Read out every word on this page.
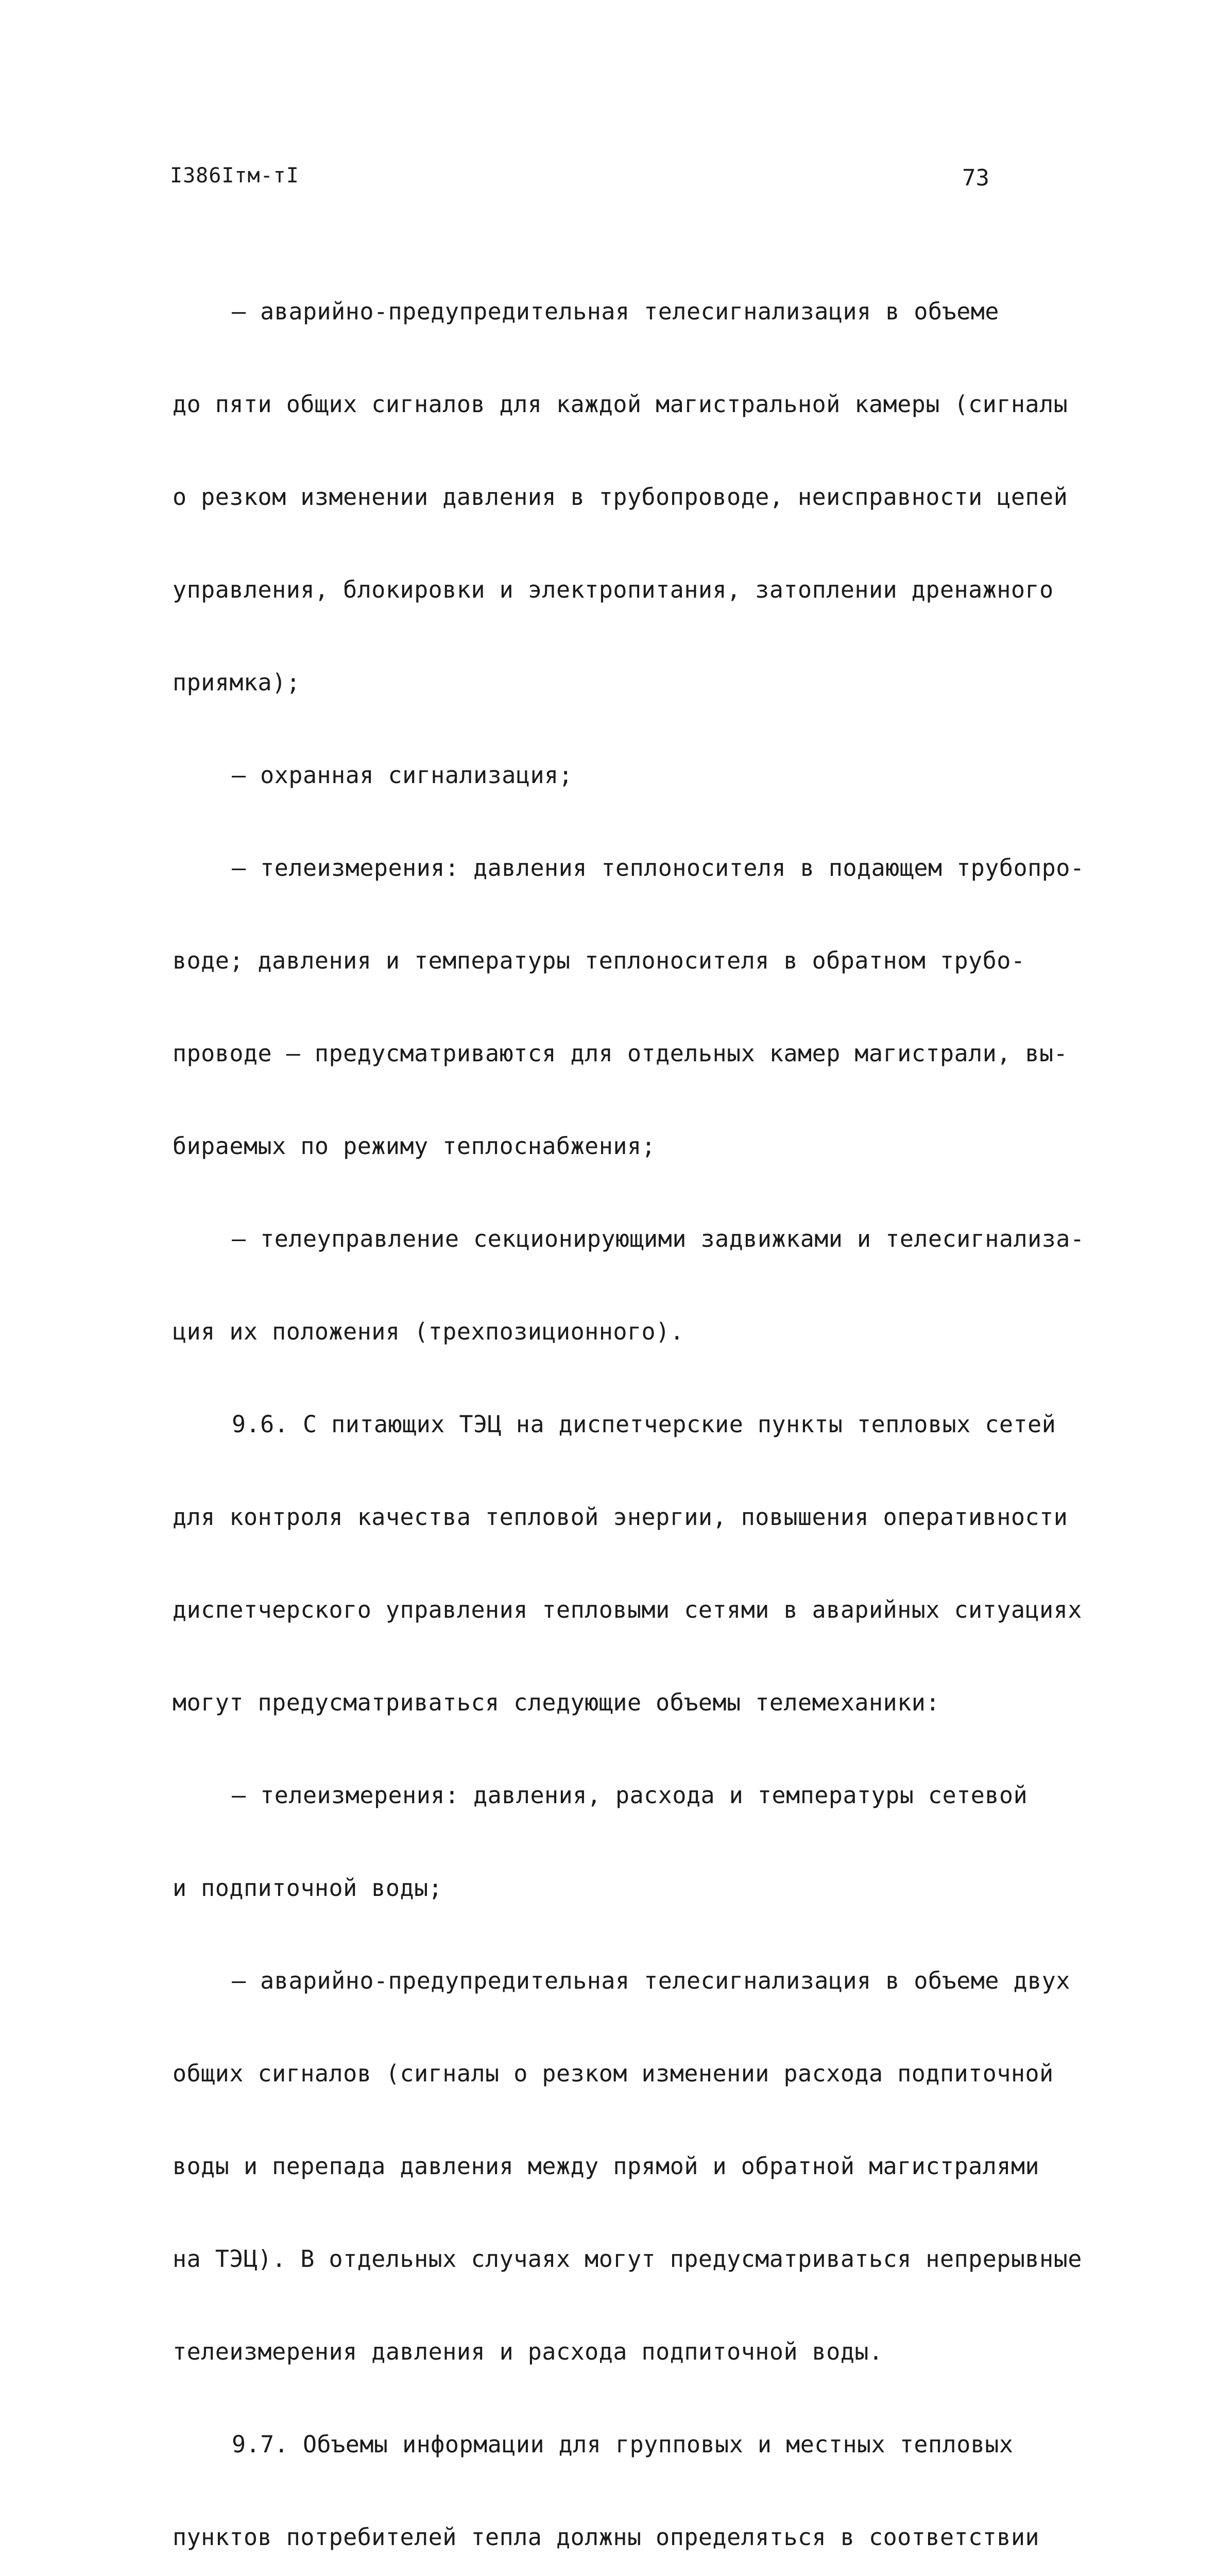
I386Iтм-тI	73

– аварийно-предупредительная телесигнализация в объеме

до пяти общих сигналов для каждой магистральной камеры (сигналы

о резком изменении давления в трубопроводе, неисправности цепей

управления, блокировки и электропитания, затоплении дренажного

приямка);

– охранная сигнализация;

– телеизмерения: давления теплоносителя в подающем трубопро-

воде; давления и температуры теплоносителя в обратном трубо-

проводе – предусматриваются для отдельных камер магистрали, вы-

бираемых по режиму теплоснабжения;

– телеуправление секционирующими задвижками и телесигнализа-

ция их положения (трехпозиционного).

9.6. С питающих ТЭЦ на диспетчерские пункты тепловых сетей

для контроля качества тепловой энергии, повышения оперативности

диспетчерского управления тепловыми сетями в аварийных ситуациях

могут предусматриваться следующие объемы телемеханики:

– телеизмерения: давления, расхода и температуры сетевой

и подпиточной воды;

– аварийно-предупредительная телесигнализация в объеме двух

общих сигналов (сигналы о резком изменении расхода подпиточной

воды и перепада давления между прямой и обратной магистралями

на ТЭЦ). В отдельных случаях могут предусматриваться непрерывные

телеизмерения давления и расхода подпиточной воды.

9.7. Объемы информации для групповых и местных тепловых

пунктов потребителей тепла должны определяться в соответствии
